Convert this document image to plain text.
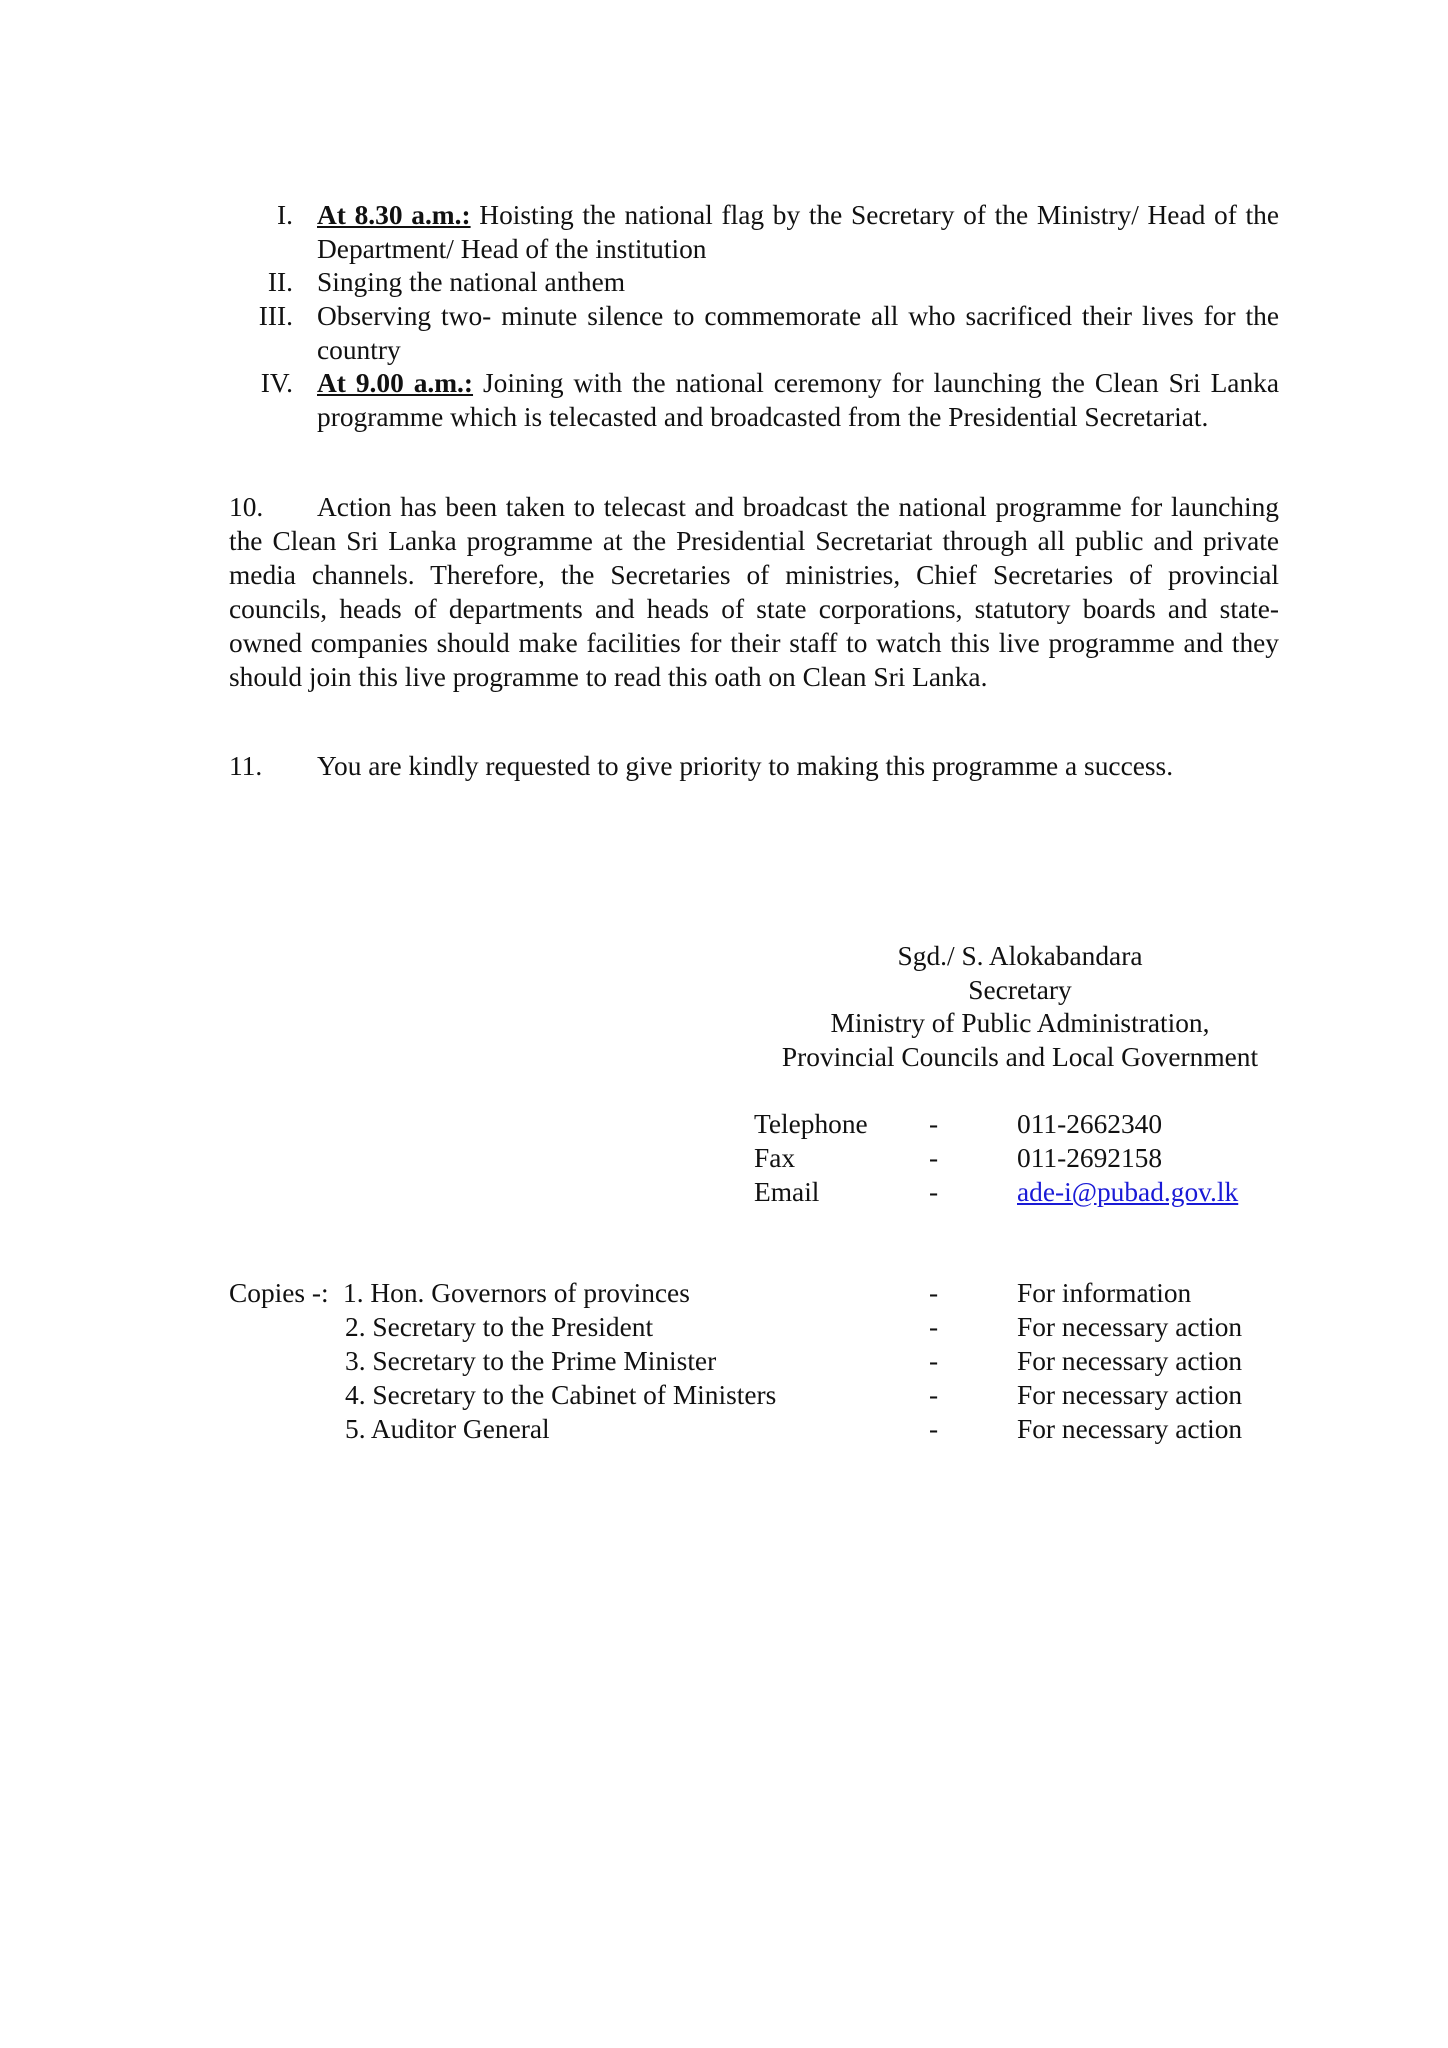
I. At 8.30 a.m.: Hoisting the national flag by the Secretary of the Ministry/ Head of the Department/ Head of the institution
II. Singing the national anthem
III. Observing two- minute silence to commemorate all who sacrificed their lives for the country
IV. At 9.00 a.m.: Joining with the national ceremony for launching the Clean Sri Lanka programme which is telecasted and broadcasted from the Presidential Secretariat.
10. Action has been taken to telecast and broadcast the national programme for launching the Clean Sri Lanka programme at the Presidential Secretariat through all public and private media channels. Therefore, the Secretaries of ministries, Chief Secretaries of provincial councils, heads of departments and heads of state corporations, statutory boards and state-owned companies should make facilities for their staff to watch this live programme and they should join this live programme to read this oath on Clean Sri Lanka.
11. You are kindly requested to give priority to making this programme a success.
Sgd./ S. Alokabandara
Secretary
Ministry of Public Administration,
Provincial Councils and Local Government
Telephone -	011-2662340
Fax	-	011-2692158
Email	-	ade-i@pubad.gov.lk
Copies -: 1. Hon. Governors of provinces	-	For information
2. Secretary to the President	-	For necessary action
3. Secretary to the Prime Minister	-	For necessary action
4. Secretary to the Cabinet of Ministers	-	For necessary action
5. Auditor General	-	For necessary action
